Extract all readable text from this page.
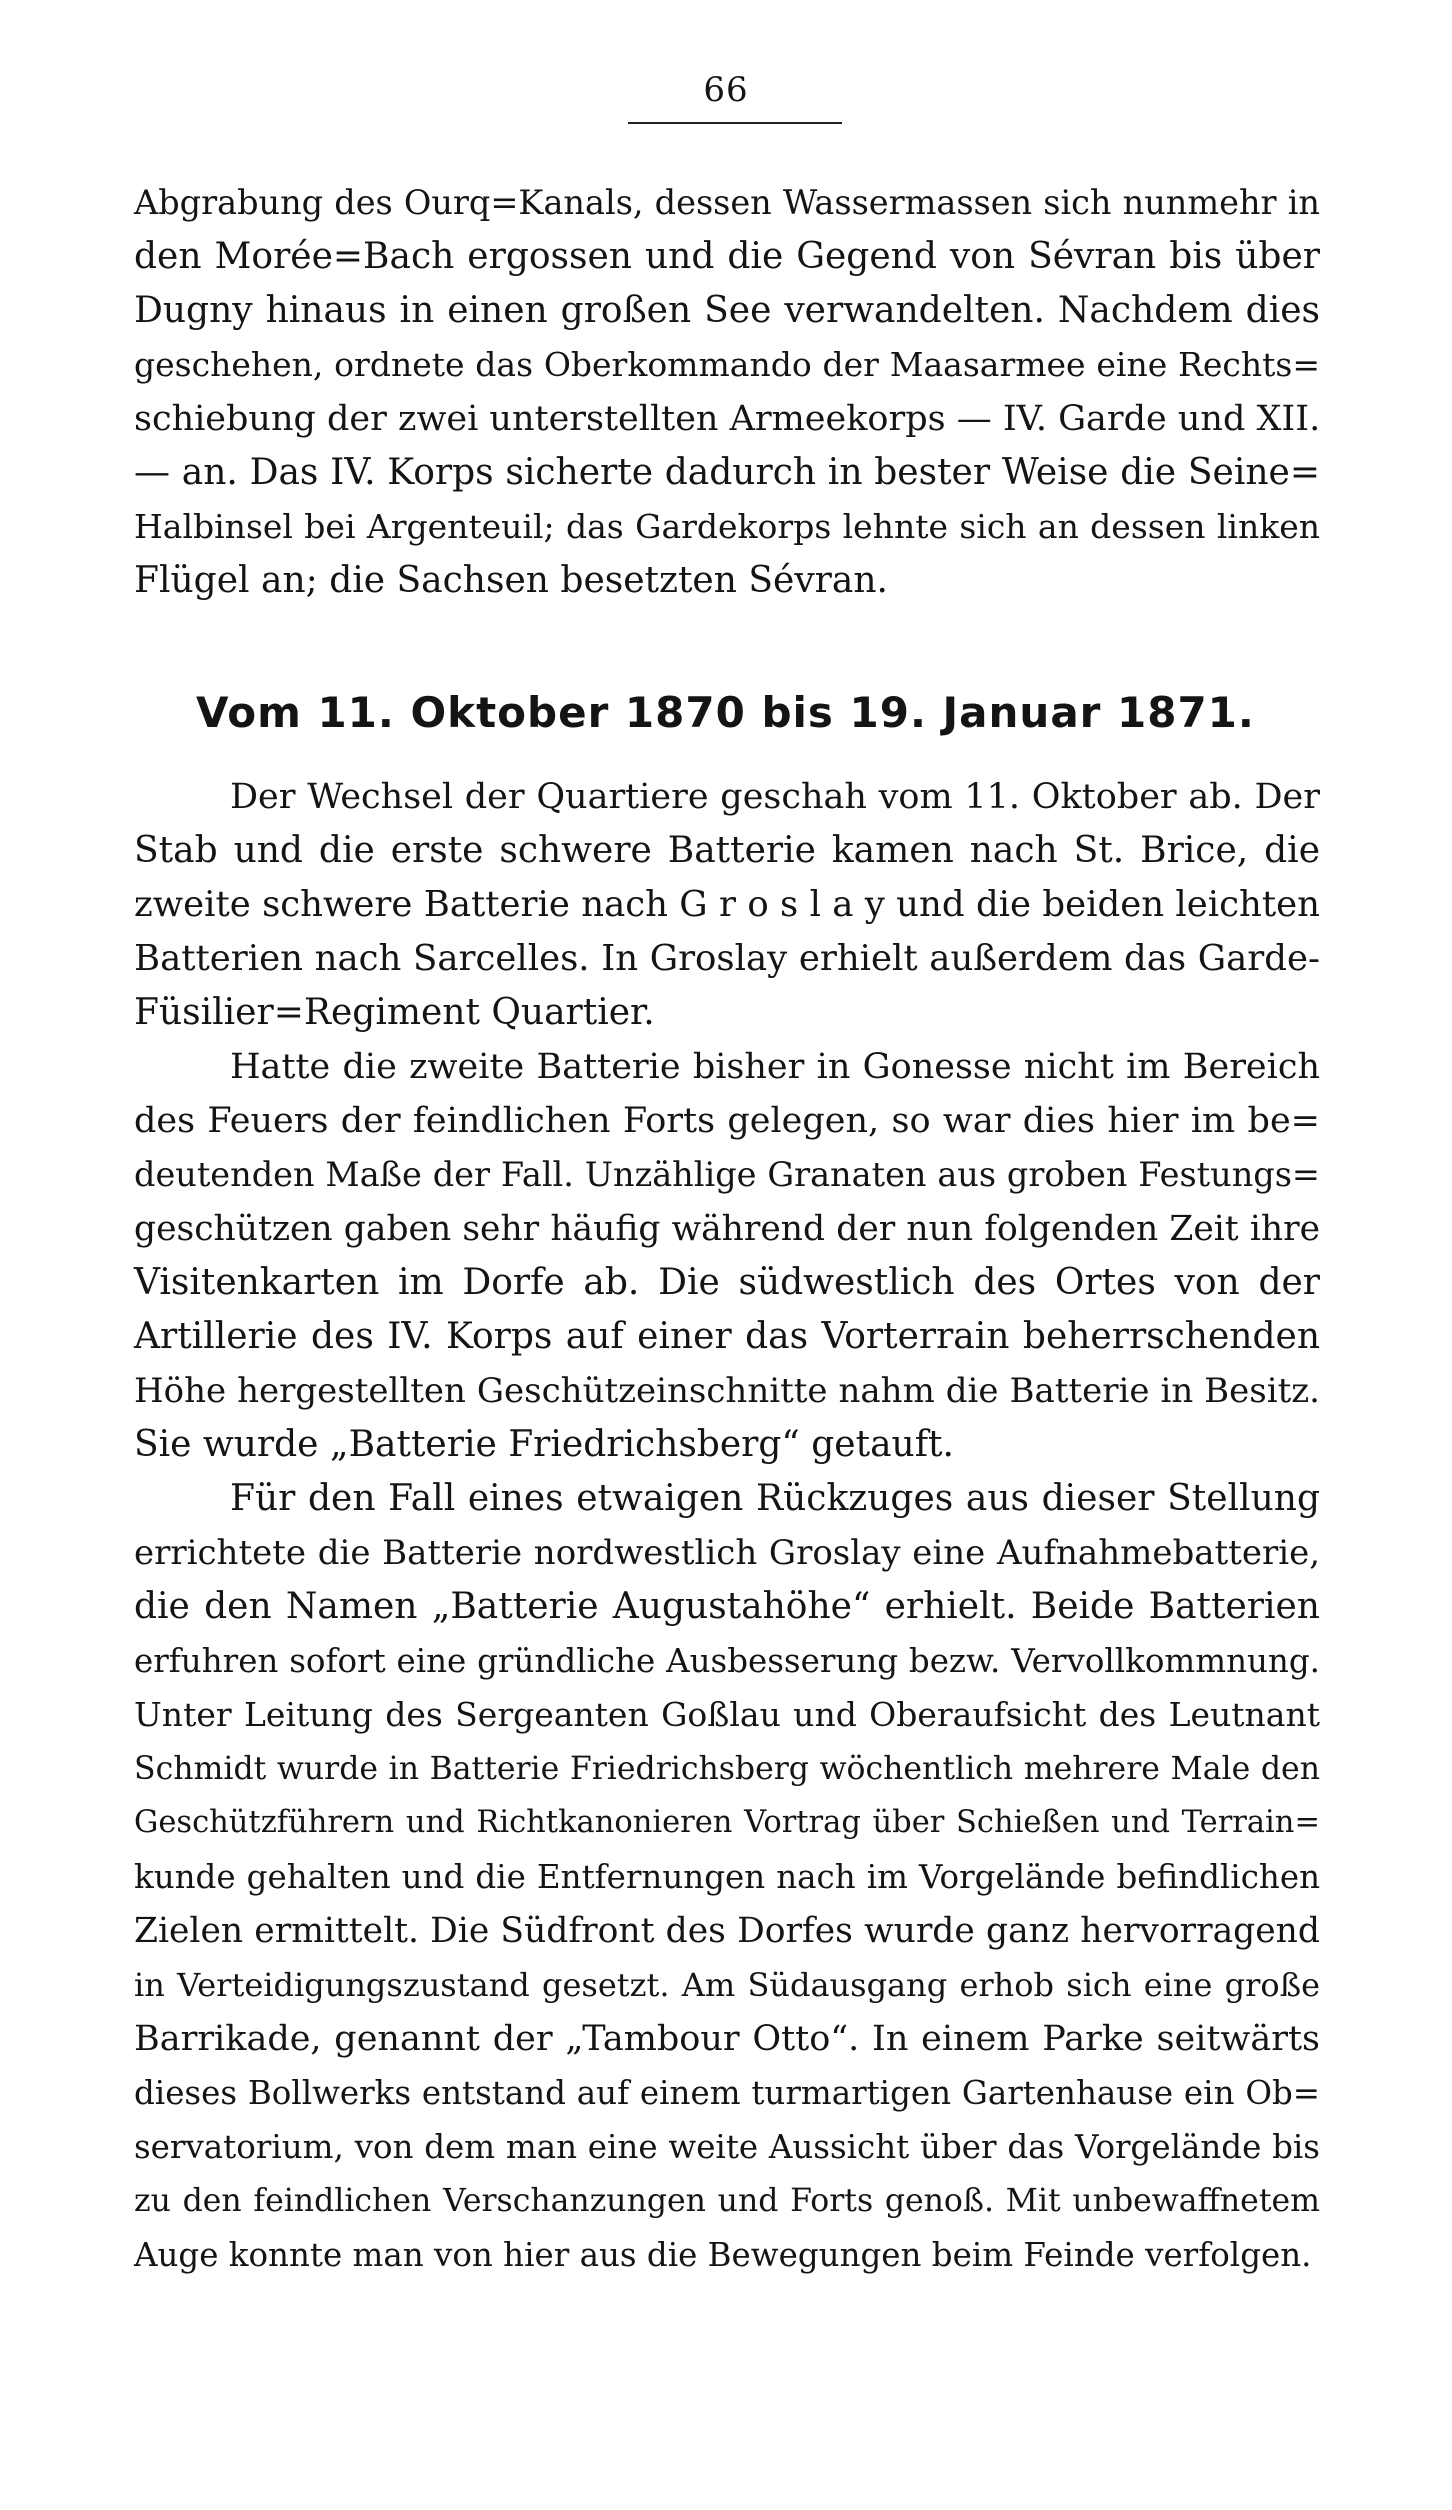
66
Abgrabung des Ourq=Kanals, dessen Wassermassen sich nunmehr in
den Morée=Bach ergossen und die Gegend von Sévran bis über
Dugny hinaus in einen großen See verwandelten. Nachdem dies
geschehen, ordnete das Oberkommando der Maasarmee eine Rechts=
schiebung der zwei unterstellten Armeekorps — IV. Garde und XII.
— an. Das IV. Korps sicherte dadurch in bester Weise die Seine=
Halbinsel bei Argenteuil; das Gardekorps lehnte sich an dessen linken
Flügel an; die Sachsen besetzten Sévran.
Vom 11. Oktober 1870 bis 19. Januar 1871.
Der Wechsel der Quartiere geschah vom 11. Oktober ab. Der
Stab und die erste schwere Batterie kamen nach St. Brice, die
zweite schwere Batterie nach G r o s l a y und die beiden leichten
Batterien nach Sarcelles. In Groslay erhielt außerdem das Garde-
Füsilier=Regiment Quartier.
Hatte die zweite Batterie bisher in Gonesse nicht im Bereich
des Feuers der feindlichen Forts gelegen, so war dies hier im be=
deutenden Maße der Fall. Unzählige Granaten aus groben Festungs=
geschützen gaben sehr häufig während der nun folgenden Zeit ihre
Visitenkarten im Dorfe ab. Die südwestlich des Ortes von der
Artillerie des IV. Korps auf einer das Vorterrain beherrschenden
Höhe hergestellten Geschützeinschnitte nahm die Batterie in Besitz.
Sie wurde „Batterie Friedrichsberg“ getauft.
Für den Fall eines etwaigen Rückzuges aus dieser Stellung
errichtete die Batterie nordwestlich Groslay eine Aufnahmebatterie,
die den Namen „Batterie Augustahöhe“ erhielt. Beide Batterien
erfuhren sofort eine gründliche Ausbesserung bezw. Vervollkommnung.
Unter Leitung des Sergeanten Goßlau und Oberaufsicht des Leutnant
Schmidt wurde in Batterie Friedrichsberg wöchentlich mehrere Male den
Geschützführern und Richtkanonieren Vortrag über Schießen und Terrain=
kunde gehalten und die Entfernungen nach im Vorgelände befindlichen
Zielen ermittelt. Die Südfront des Dorfes wurde ganz hervorragend
in Verteidigungszustand gesetzt. Am Südausgang erhob sich eine große
Barrikade, genannt der „Tambour Otto“. In einem Parke seitwärts
dieses Bollwerks entstand auf einem turmartigen Gartenhause ein Ob=
servatorium, von dem man eine weite Aussicht über das Vorgelände bis
zu den feindlichen Verschanzungen und Forts genoß. Mit unbewaffnetem
Auge konnte man von hier aus die Bewegungen beim Feinde verfolgen.
